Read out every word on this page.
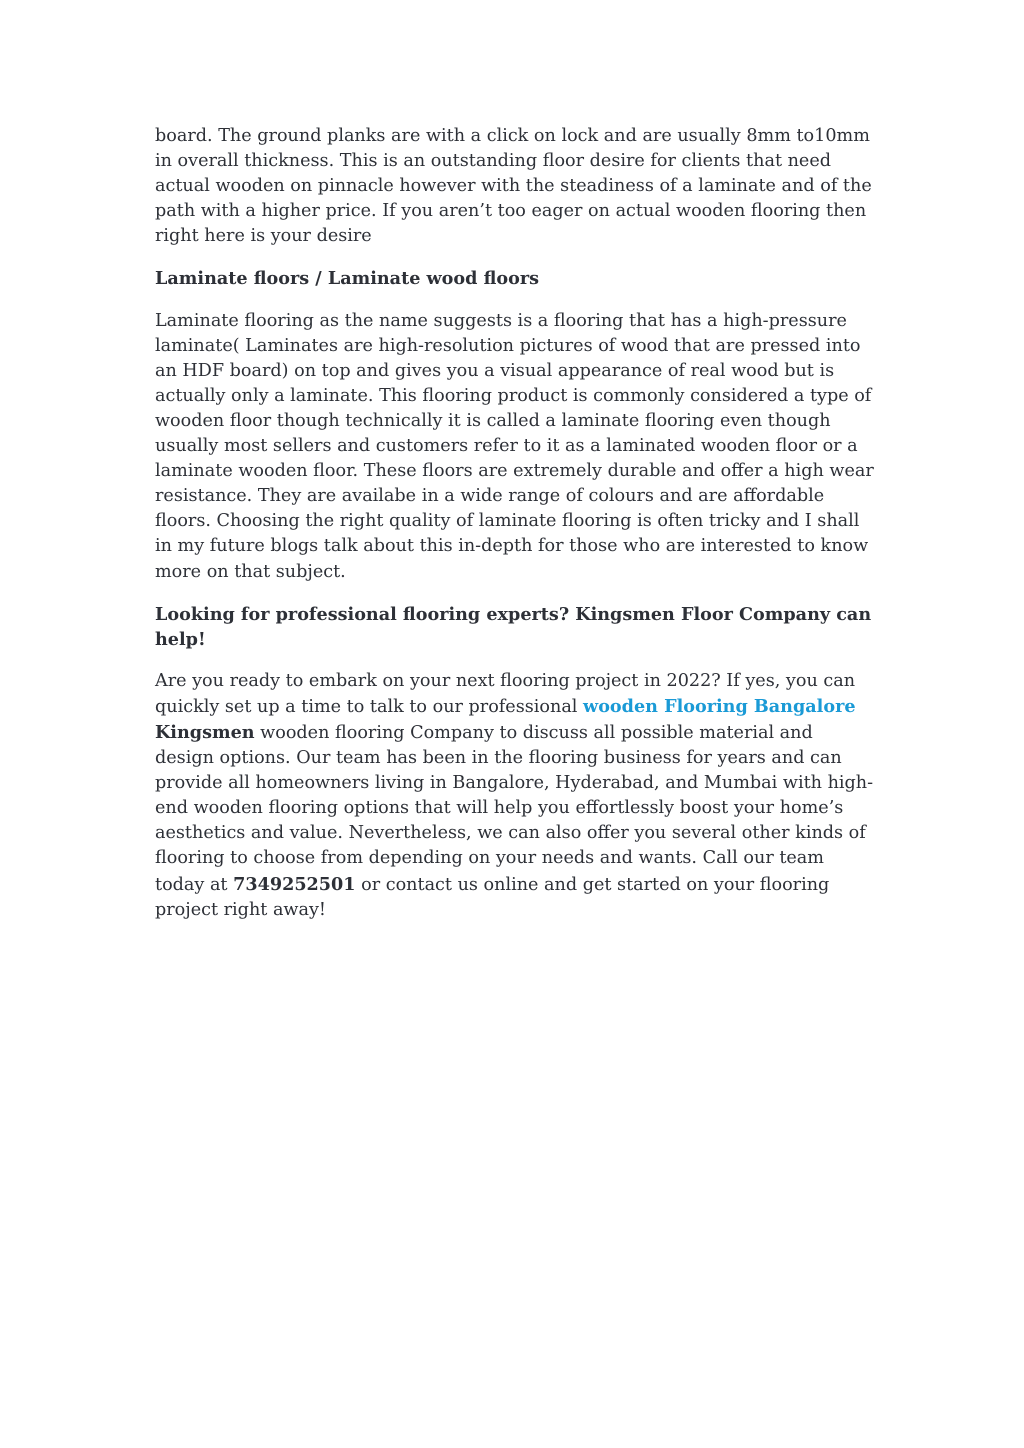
board. The ground planks are with a click on lock and are usually 8mm to10mm in overall thickness. This is an outstanding floor desire for clients that need actual wooden on pinnacle however with the steadiness of a laminate and of the path with a higher price. If you aren’t too eager on actual wooden flooring then right here is your desire

Laminate floors / Laminate wood floors

Laminate flooring as the name suggests is a flooring that has a high-pressure laminate( Laminates are high-resolution pictures of wood that are pressed into an HDF board) on top and gives you a visual appearance of real wood but is actually only a laminate. This flooring product is commonly considered a type of wooden floor though technically it is called a laminate flooring even though usually most sellers and customers refer to it as a laminated wooden floor or a laminate wooden floor. These floors are extremely durable and offer a high wear resistance. They are availabe in a wide range of colours and are affordable floors. Choosing the right quality of laminate flooring is often tricky and I shall in my future blogs talk about this in-depth for those who are interested to know more on that subject.

Looking for professional flooring experts? Kingsmen Floor Company can help!

Are you ready to embark on your next flooring project in 2022? If yes, you can quickly set up a time to talk to our professional wooden Flooring Bangalore Kingsmen wooden flooring Company to discuss all possible material and design options. Our team has been in the flooring business for years and can provide all homeowners living in Bangalore, Hyderabad, and Mumbai with high-end wooden flooring options that will help you effortlessly boost your home’s aesthetics and value. Nevertheless, we can also offer you several other kinds of flooring to choose from depending on your needs and wants. Call our team today at 7349252501 or contact us online and get started on your flooring project right away!
